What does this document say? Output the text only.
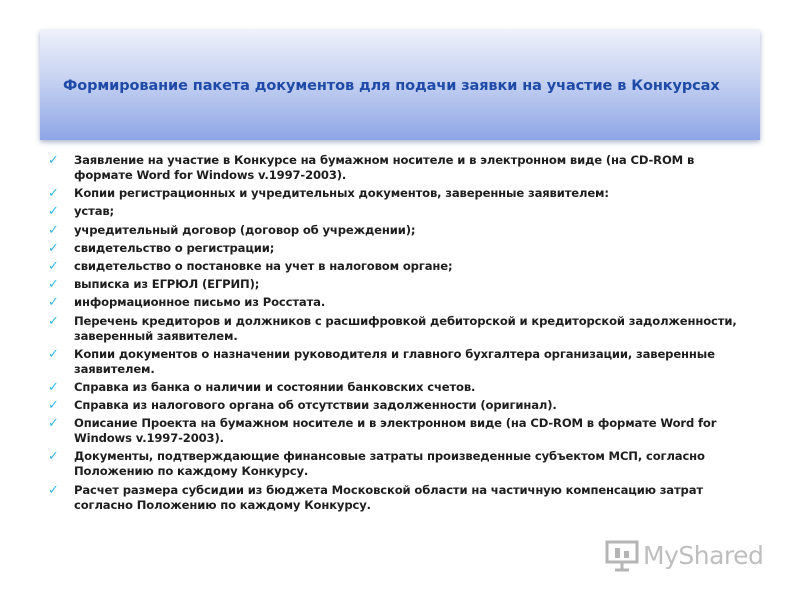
Формирование пакета документов для подачи заявки на участие в Конкурсах
✓ Заявление на участие в Конкурсе на бумажном носителе и в электронном виде (на CD-ROM в формате Word for Windows v.1997-2003).
✓ Копии регистрационных и учредительных документов, заверенные заявителем:
✓ устав;
✓ учредительный договор (договор об учреждении);
✓ свидетельство о регистрации;
✓ свидетельство о постановке на учет в налоговом органе;
✓ выписка из ЕГРЮЛ (ЕГРИП);
✓ информационное письмо из Росстата.
✓ Перечень кредиторов и должников с расшифровкой дебиторской и кредиторской задолженности, заверенный заявителем.
✓ Копии документов о назначении руководителя и главного бухгалтера организации, заверенные заявителем.
✓ Справка из банка о наличии и состоянии банковских счетов.
✓ Справка из налогового органа об отсутствии задолженности (оригинал).
✓ Описание Проекта на бумажном носителе и в электронном виде (на CD-ROM в формате Word for Windows v.1997-2003).
✓ Документы, подтверждающие финансовые затраты произведенные субъектом МСП, согласно Положению по каждому Конкурсу.
✓ Расчет размера субсидии из бюджета Московской области на частичную компенсацию затрат согласно Положению по каждому Конкурсу.
MyShared
